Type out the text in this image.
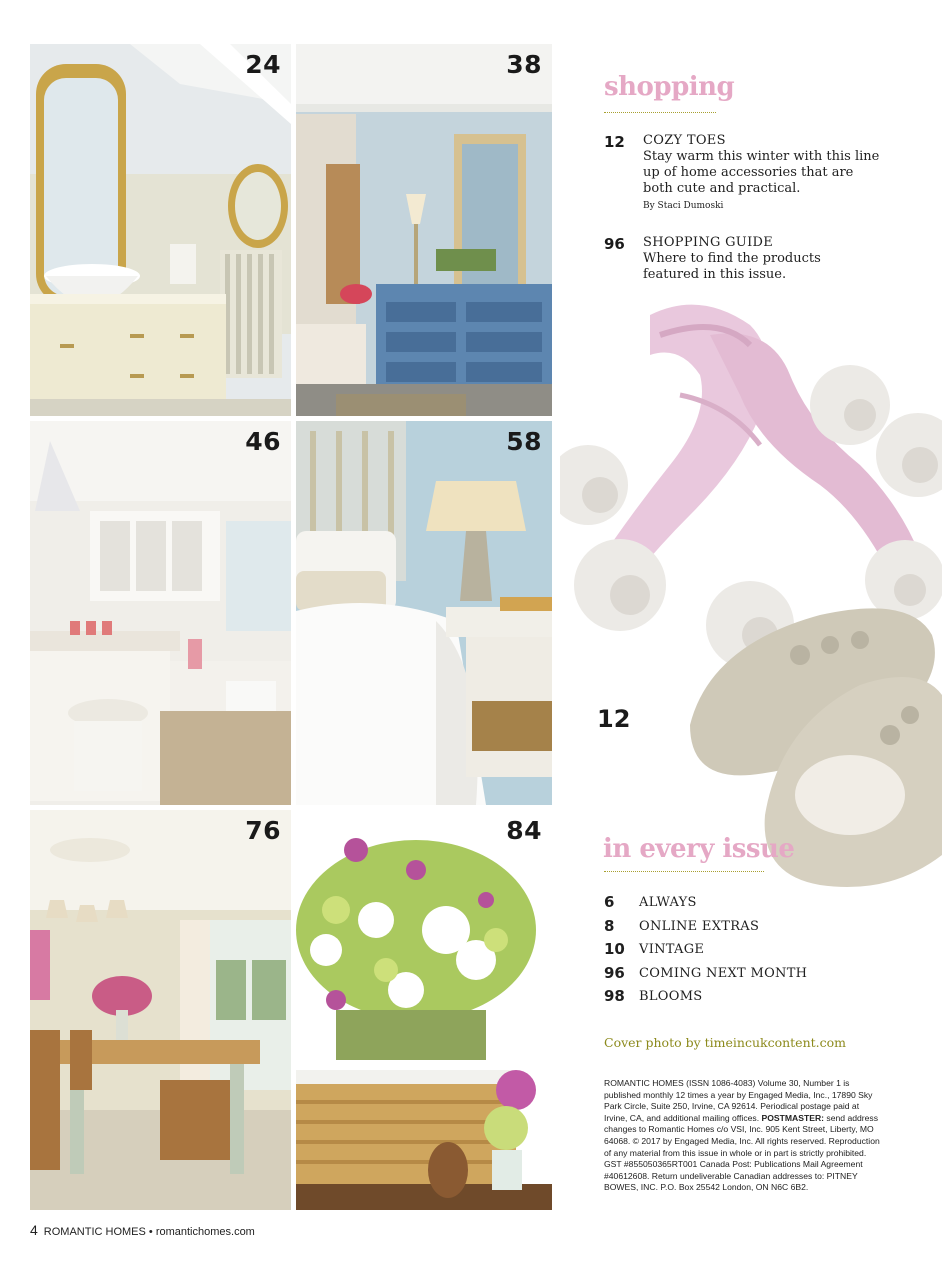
24	38
46	58
76	84
shopping
12 COZY TOES
Stay warm this winter with this line up of home accessories that are both cute and practical.
By Staci Dumoski
96 SHOPPING GUIDE
Where to find the products featured in this issue.
12
in every issue
6 ALWAYS
8 ONLINE EXTRAS
10 VINTAGE
96 COMING NEXT MONTH
98 BLOOMS
Cover photo by timeincukcontent.com
ROMANTIC HOMES (ISSN 1086-4083) Volume 30, Number 1 is published monthly 12 times a year by Engaged Media, Inc., 17890 Sky Park Circle, Suite 250, Irvine, CA 92614. Periodical postage paid at Irvine, CA, and additional mailing offices. POSTMASTER: send address changes to Romantic Homes c/o VSI, Inc. 905 Kent Street, Liberty, MO 64068. © 2017 by Engaged Media, Inc. All rights reserved. Reproduction of any material from this issue in whole or in part is strictly prohibited. GST #855050365RT001 Canada Post: Publications Mail Agreement #40612608. Return undeliverable Canadian addresses to: PITNEY BOWES, INC. P.O. Box 25542 London, ON N6C 6B2.
4 ROMANTIC HOMES • romantichomes.com
